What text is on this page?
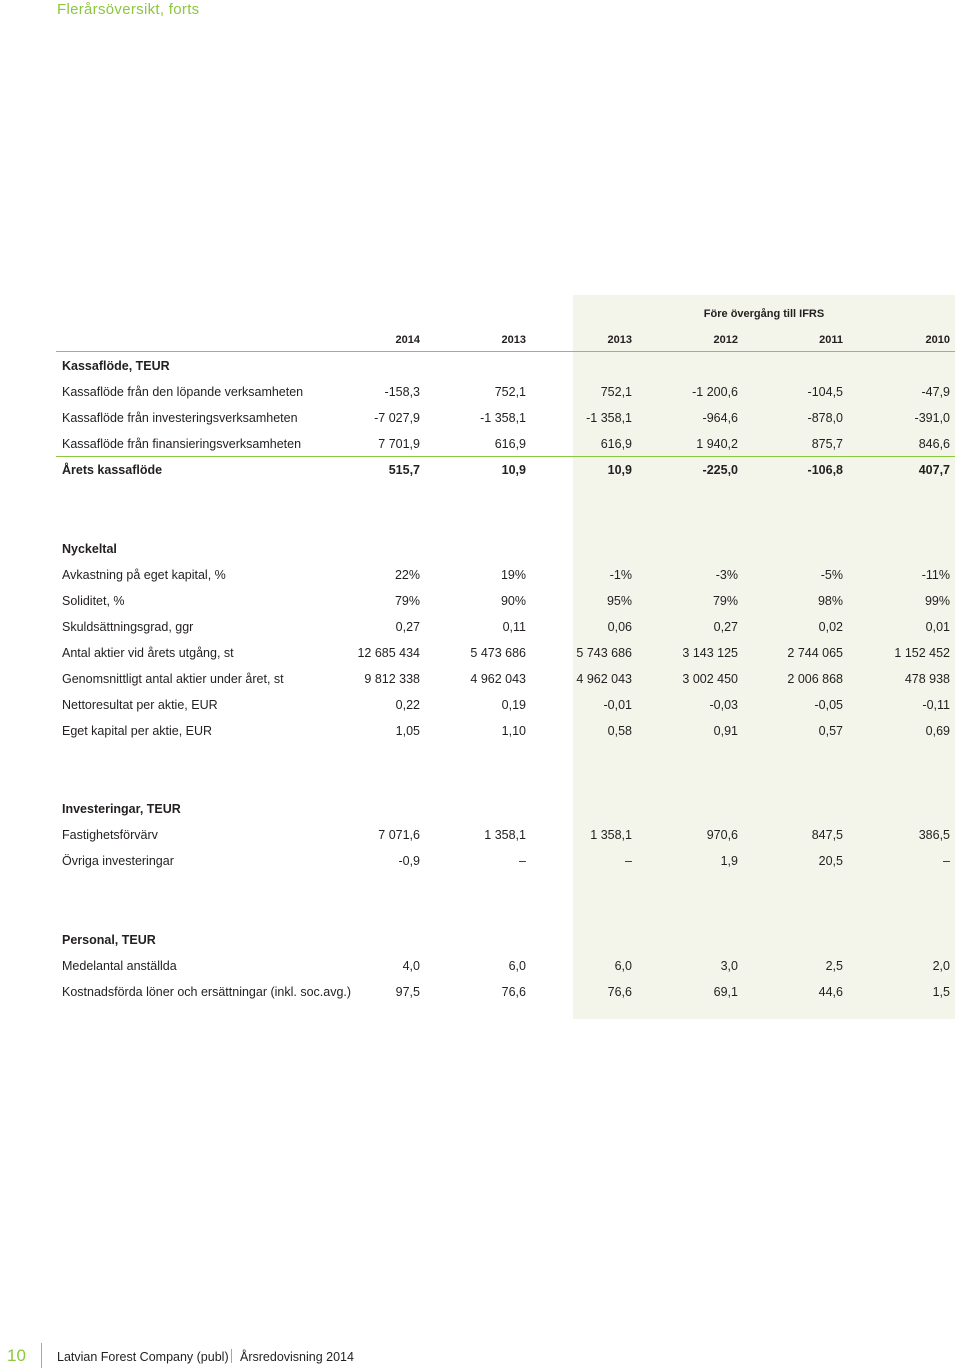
Flerårsöversikt, forts
Före övergång till IFRS
2014	2013	2013	2012	2011	2010
Kassaflöde, TEUR
Kassaflöde från den löpande verksamheten	-158,3	752,1	752,1	-1 200,6	-104,5	-47,9
Kassaflöde från investeringsverksamheten	-7 027,9	-1 358,1	-1 358,1	-964,6	-878,0	-391,0
Kassaflöde från finansieringsverksamheten	7 701,9	616,9	616,9	1 940,2	875,7	846,6
Årets kassaflöde	515,7	10,9	10,9	-225,0	-106,8	407,7
Nyckeltal
Avkastning på eget kapital, %	22%	19%	-1%	-3%	-5%	-11%
Soliditet, %	79%	90%	95%	79%	98%	99%
Skuldsättningsgrad, ggr	0,27	0,11	0,06	0,27	0,02	0,01
Antal aktier vid årets utgång, st	12 685 434	5 473 686	5 743 686	3 143 125	2 744 065	1 152 452
Genomsnittligt antal aktier under året, st	9 812 338	4 962 043	4 962 043	3 002 450	2 006 868	478 938
Nettoresultat per aktie, EUR	0,22	0,19	-0,01	-0,03	-0,05	-0,11
Eget kapital per aktie, EUR	1,05	1,10	0,58	0,91	0,57	0,69
Investeringar, TEUR
Fastighetsförvärv	7 071,6	1 358,1	1 358,1	970,6	847,5	386,5
Övriga investeringar	-0,9	–	–	1,9	20,5	–
Personal, TEUR
Medelantal anställda	4,0	6,0	6,0	3,0	2,5	2,0
Kostnadsförda löner och ersättningar (inkl. soc.avg.)	97,5	76,6	76,6	69,1	44,6	1,5
10 Latvian Forest Company (publ) Årsredovisning 2014
